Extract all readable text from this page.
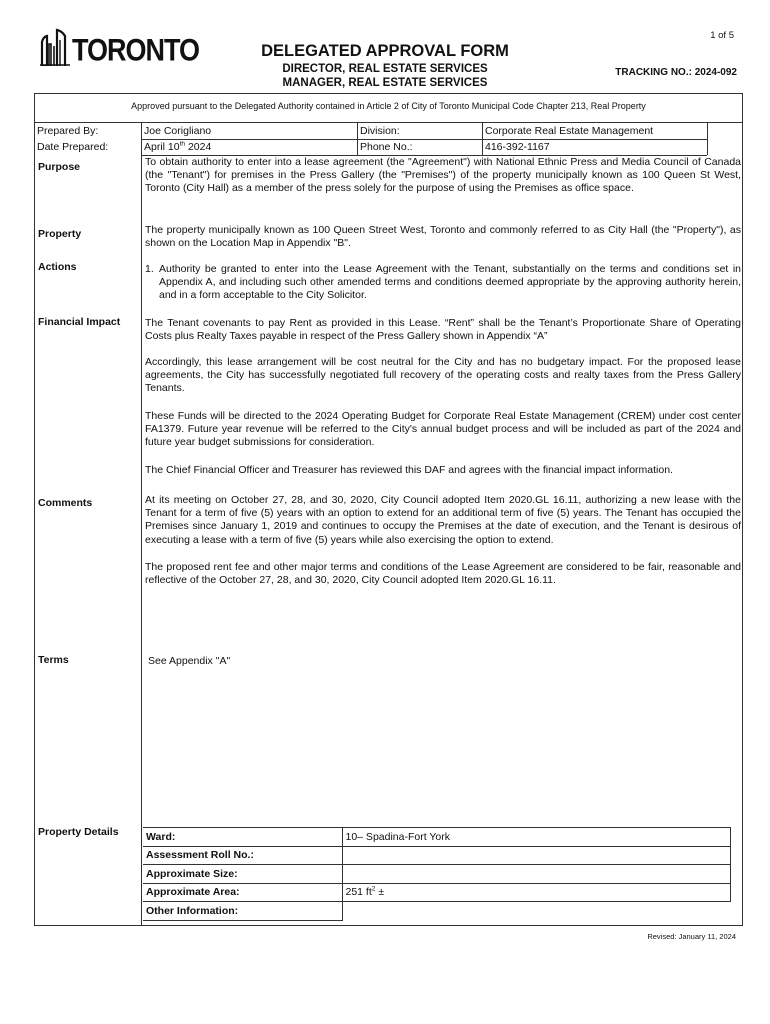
1 of 5
TORONTO	DELEGATED APPROVAL FORM
DIRECTOR, REAL ESTATE SERVICES
MANAGER, REAL ESTATE SERVICES
TRACKING NO.: 2024-092
Approved pursuant to the Delegated Authority contained in Article 2 of City of Toronto Municipal Code Chapter 213, Real Property
Prepared By:	Joe Corigliano	Division:	Corporate Real Estate Management
Date Prepared:	April 10th 2024	Phone No.:	416-392-1167
Purpose	To obtain authority to enter into a lease agreement (the "Agreement") with National Ethnic Press and Media Council of Canada (the "Tenant") for premises in the Press Gallery (the "Premises") of the property municipally known as 100 Queen St West, Toronto (City Hall) as a member of the press solely for the purpose of using the Premises as office space.
Property	The property municipally known as 100 Queen Street West, Toronto and commonly referred to as City Hall (the "Property"), as shown on the Location Map in Appendix "B".
Actions	1. Authority be granted to enter into the Lease Agreement with the Tenant, substantially on the terms and conditions set in Appendix A, and including such other amended terms and conditions deemed appropriate by the approving authority herein, and in a form acceptable to the City Solicitor.
Financial Impact The Tenant covenants to pay Rent as provided in this Lease. “Rent” shall be the Tenant’s Proportionate Share of Operating Costs plus Realty Taxes payable in respect of the Press Gallery shown in Appendix “A”
Accordingly, this lease arrangement will be cost neutral for the City and has no budgetary impact. For the proposed lease agreements, the City has successfully negotiated full recovery of the operating costs and realty taxes from the Press Gallery Tenants.
These Funds will be directed to the 2024 Operating Budget for Corporate Real Estate Management (CREM) under cost center FA1379. Future year revenue will be referred to the City's annual budget process and will be included as part of the 2024 and future year budget submissions for consideration.
The Chief Financial Officer and Treasurer has reviewed this DAF and agrees with the financial impact information.
Comments	At its meeting on October 27, 28, and 30, 2020, City Council adopted Item 2020.GL 16.11, authorizing a new lease with the Tenant for a term of five (5) years with an option to extend for an additional term of five (5) years. The Tenant has occupied the Premises since January 1, 2019 and continues to occupy the Premises at the date of execution, and the Tenant is desirous of executing a lease with a term of five (5) years while also exercising the option to extend.
The proposed rent fee and other major terms and conditions of the Lease Agreement are considered to be fair, reasonable and reflective of the October 27, 28, and 30, 2020, City Council adopted Item 2020.GL 16.11.
Terms	See Appendix "A"
Property Details	Ward:	10– Spadina-Fort York
Assessment Roll No.:	
Approximate Size:	
Approximate Area:	251 $ft^2$ ±
Other Information:	
Revised: January 11, 2024
